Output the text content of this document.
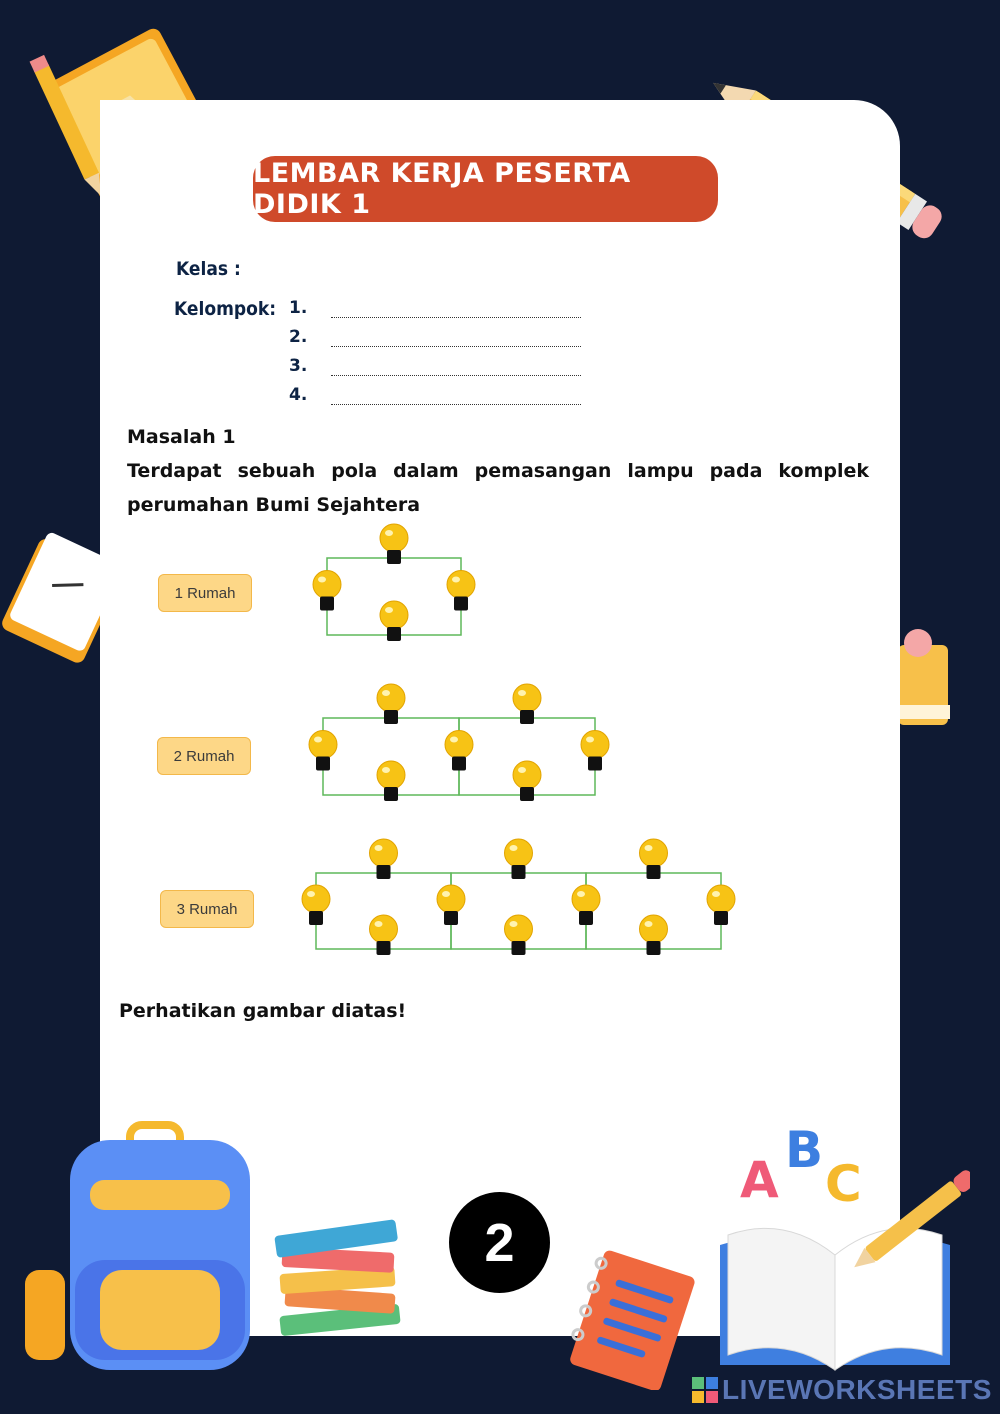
LEMBAR KERJA PESERTA DIDIK 1
Kelas :
Kelompok: 1.
2.
3.
4.
Masalah 1
Terdapat sebuah pola dalam pemasangan lampu pada komplek perumahan Bumi Sejahtera
1 Rumah
2 Rumah
3 Rumah
Perhatikan gambar diatas!
2
A
B
C
LIVEWORKSHEETS
